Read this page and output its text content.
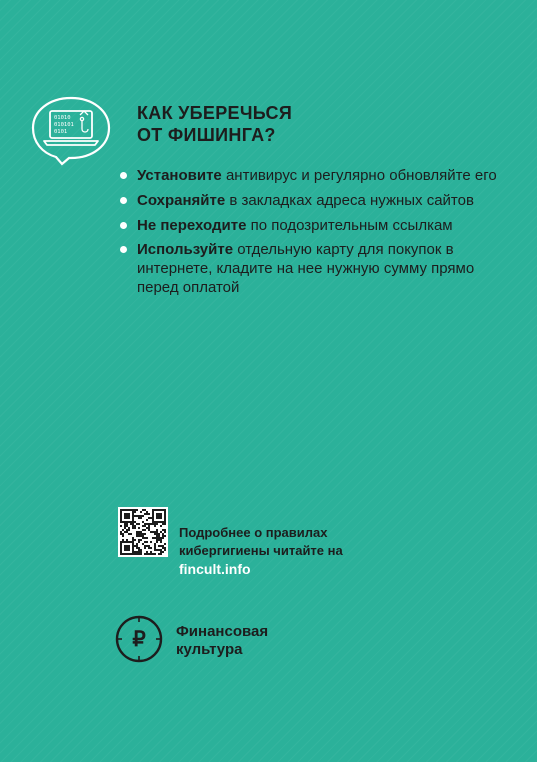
01010
010101
0101
КАК УБЕРЕЧЬСЯ
ОТ ФИШИНГА?
Установите антивирус и регулярно обновляйте его
Сохраняйте в закладках адреса нужных сайтов
Не переходите по подозрительным ссылкам
Используйте отдельную карту для покупок в интернете, кладите на нее нужную сумму прямо перед оплатой
Подробнее о правилах
кибергигиены читайте на
fincult.info
₽ Финансовая
культура
